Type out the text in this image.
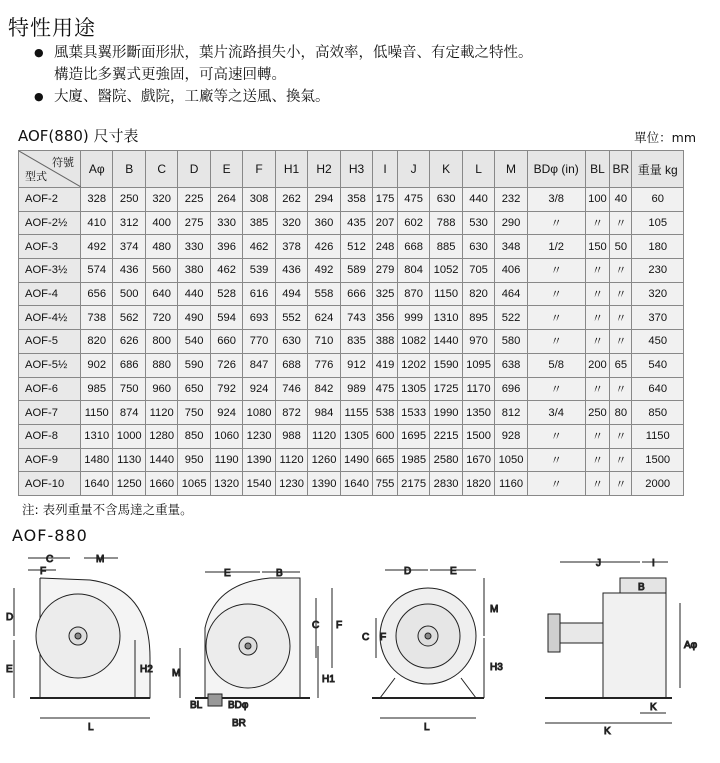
特性用途
● 風葉具翼形斷面形狀，葉片流路損失小，高效率，低噪音、有定載之特性。
構造比多翼式更強固，可高速回轉。
● 大廈、醫院、戲院，工廠等之送風、換氣。
AOF(880) 尺寸表	單位：mm
符號
型式	Aφ	B	C	D	E	F	H1	H2	H3	I	J	K	L	M	BDφ (in)	BL	BR	重量 kg
AOF-2	328	250	320	225	264	308	262	294	358	175	475	630	440	232	3/8	100	40	60
AOF-2½	410	312	400	275	330	385	320	360	435	207	602	788	530	290	〃	〃	〃	105
AOF-3	492	374	480	330	396	462	378	426	512	248	668	885	630	348	1/2	150	50	180
AOF-3½	574	436	560	380	462	539	436	492	589	279	804	1052	705	406	〃	〃	〃	230
AOF-4	656	500	640	440	528	616	494	558	666	325	870	1150	820	464	〃	〃	〃	320
AOF-4½	738	562	720	490	594	693	552	624	743	356	999	1310	895	522	〃	〃	〃	370
AOF-5	820	626	800	540	660	770	630	710	835	388	1082	1440	970	580	〃	〃	〃	450
AOF-5½	902	686	880	590	726	847	688	776	912	419	1202	1590	1095	638	5/8	200	65	540
AOF-6	985	750	960	650	792	924	746	842	989	475	1305	1725	1170	696	〃	〃	〃	640
AOF-7	1150	874	1120	750	924	1080	872	984	1155	538	1533	1990	1350	812	3/4	250	80	850
AOF-8	1310	1000	1280	850	1060	1230	988	1120	1305	600	1695	2215	1500	928	〃	〃	〃	1150
AOF-9	1480	1130	1440	950	1190	1390	1120	1260	1490	665	1985	2580	1670	1050	〃	〃	〃	1500
AOF-10	1640	1250	1660	1065	1320	1540	1230	1390	1640	755	2175	2830	1820	1160	〃	〃	〃	2000
注: 表列重量不含馬達之重量。
AOF-880
C
F
M
D
E	H2
L
E	B
C F
M
H1
BL	BDφ
BR
D	E
M
H3
C F
L
J	I
B
Aφ
K
K
